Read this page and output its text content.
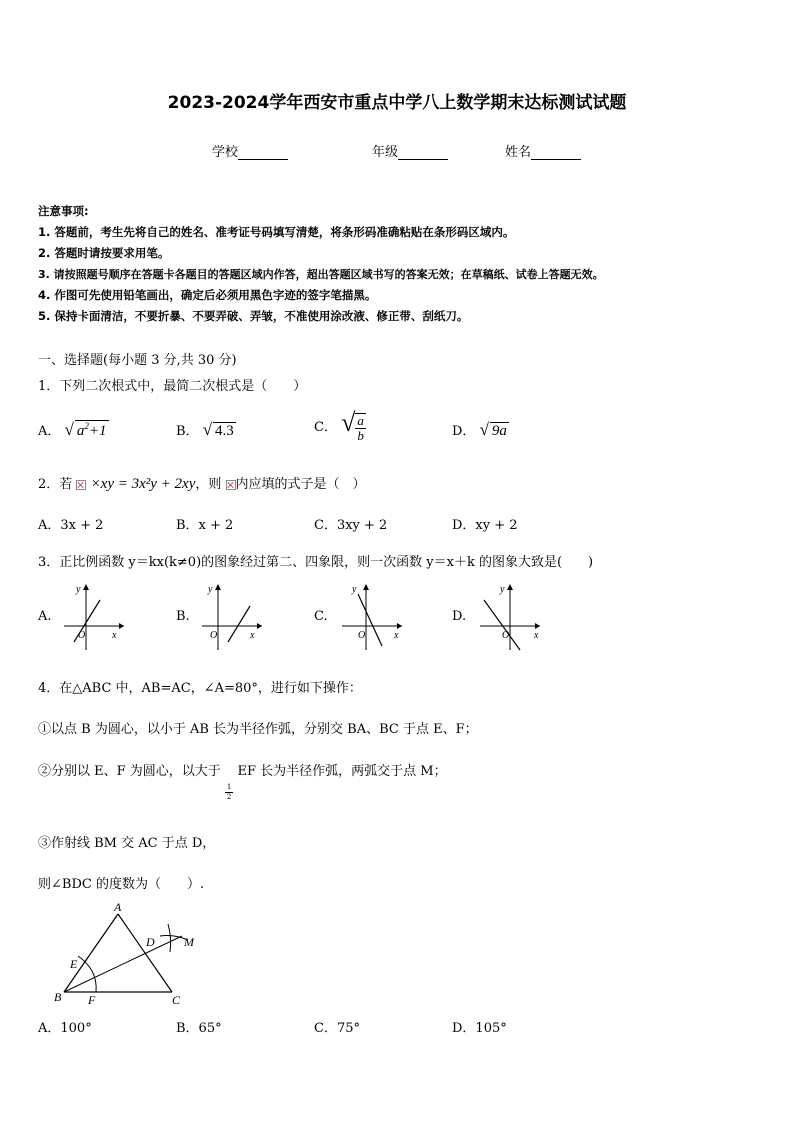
2023-2024学年西安市重点中学八上数学期末达标测试试题
学校	年级	姓名
注意事项:
1. 答题前，考生先将自己的姓名、准考证号码填写清楚，将条形码准确粘贴在条形码区域内。
2. 答题时请按要求用笔。
3. 请按照题号顺序在答题卡各题目的答题区域内作答，超出答题区域书写的答案无效；在草稿纸、试卷上答题无效。
4. 作图可先使用铅笔画出，确定后必须用黑色字迹的签字笔描黑。
5. 保持卡面清洁，不要折暴、不要弄破、弄皱，不准使用涂改液、修正带、刮纸刀。
一、选择题(每小题 3 分,共 30 分)
1．下列二次根式中，最简二次根式是（　　）
A． √ $a^2+1$	B． √ 4.3	C． √ $\frac{a}{b}$	D． √ 9a
2．若 ×xy = 3x²y + 2xy，则 内应填的式子是（　）
A．3x + 2	B．x + 2	C．3xy + 2	D．xy + 2
3．正比例函数 y＝kx(k≠0)的图象经过第二、四象限，则一次函数 y＝x＋k 的图象大致是(　　)
A.
y
x
O
B.
y
x
O
C.
y
x
O
D.
y
x
O
4．在△ABC 中，AB=AC，∠A=80°，进行如下操作：
①以点 B 为圆心，以小于 AB 长为半径作弧，分别交 BA、BC 于点 E、F；
②分别以 E、F 为圆心，以大于
$\frac{1}{2}$
EF 长为半径作弧，两弧交于点 M；
③作射线 BM 交 AC 于点 D，
则∠BDC 的度数为（　　）.
A
B	C
D
E
F
M
A．100°	B．65°	C．75°	D．105°
